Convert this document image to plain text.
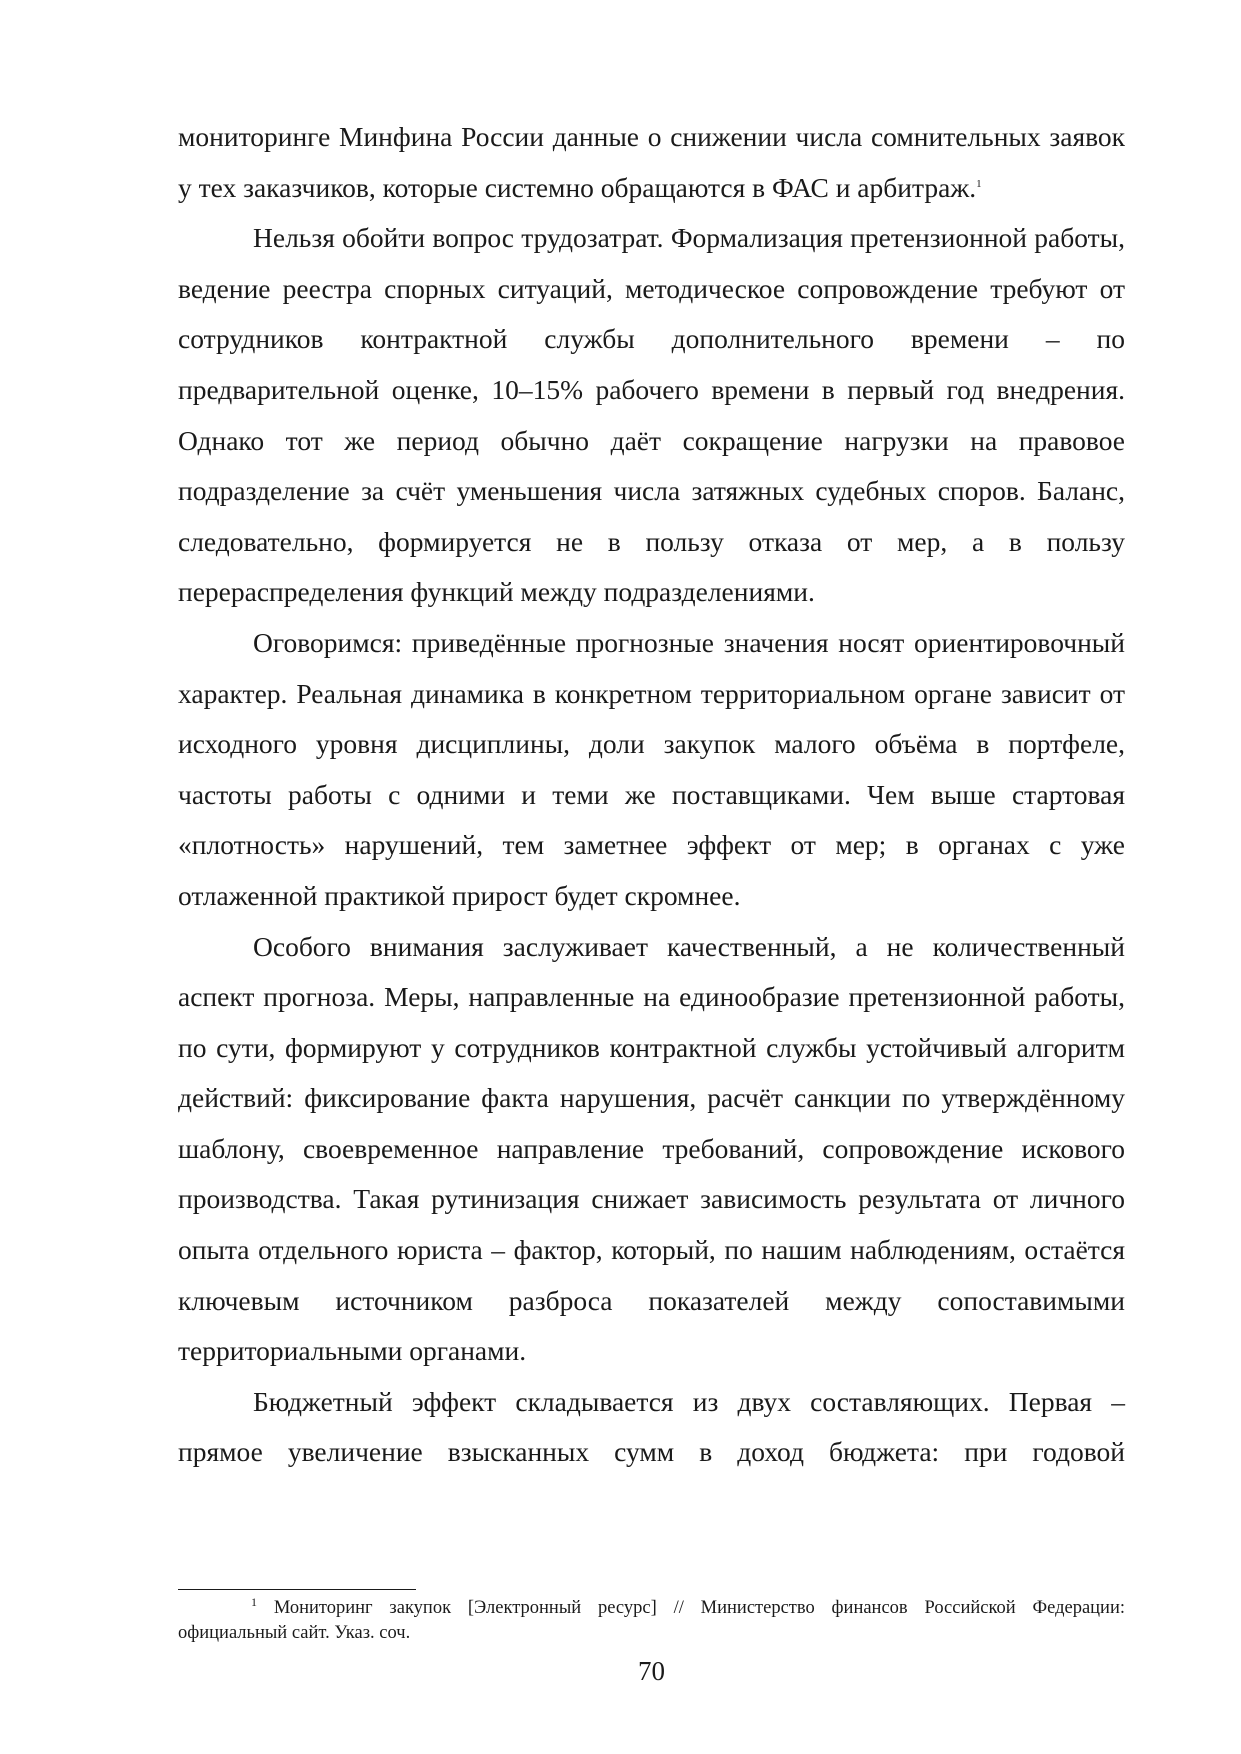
мониторинге Минфина России данные о снижении числа сомнительных заявок у тех заказчиков, которые системно обращаются в ФАС и арбитраж.$^1$

Нельзя обойти вопрос трудозатрат. Формализация претензионной работы, ведение реестра спорных ситуаций, методическое сопровождение требуют от сотрудников контрактной службы дополнительного времени – по предварительной оценке, 10–15% рабочего времени в первый год внедрения. Однако тот же период обычно даёт сокращение нагрузки на правовое подразделение за счёт уменьшения числа затяжных судебных споров. Баланс, следовательно, формируется не в пользу отказа от мер, а в пользу перераспределения функций между подразделениями.

Оговоримся: приведённые прогнозные значения носят ориентировочный характер. Реальная динамика в конкретном территориальном органе зависит от исходного уровня дисциплины, доли закупок малого объёма в портфеле, частоты работы с одними и теми же поставщиками. Чем выше стартовая «плотность» нарушений, тем заметнее эффект от мер; в органах с уже отлаженной практикой прирост будет скромнее.

Особого внимания заслуживает качественный, а не количественный аспект прогноза. Меры, направленные на единообразие претензионной работы, по сути, формируют у сотрудников контрактной службы устойчивый алгоритм действий: фиксирование факта нарушения, расчёт санкции по утверждённому шаблону, своевременное направление требований, сопровождение искового производства. Такая рутинизация снижает зависимость результата от личного опыта отдельного юриста – фактор, который, по нашим наблюдениям, остаётся ключевым источником разброса показателей между сопоставимыми территориальными органами.

Бюджетный эффект складывается из двух составляющих. Первая – прямое увеличение взысканных сумм в доход бюджета: при годовой

$^1$ Мониторинг закупок [Электронный ресурс] // Министерство финансов Российской Федерации: официальный сайт. Указ. соч.

70
